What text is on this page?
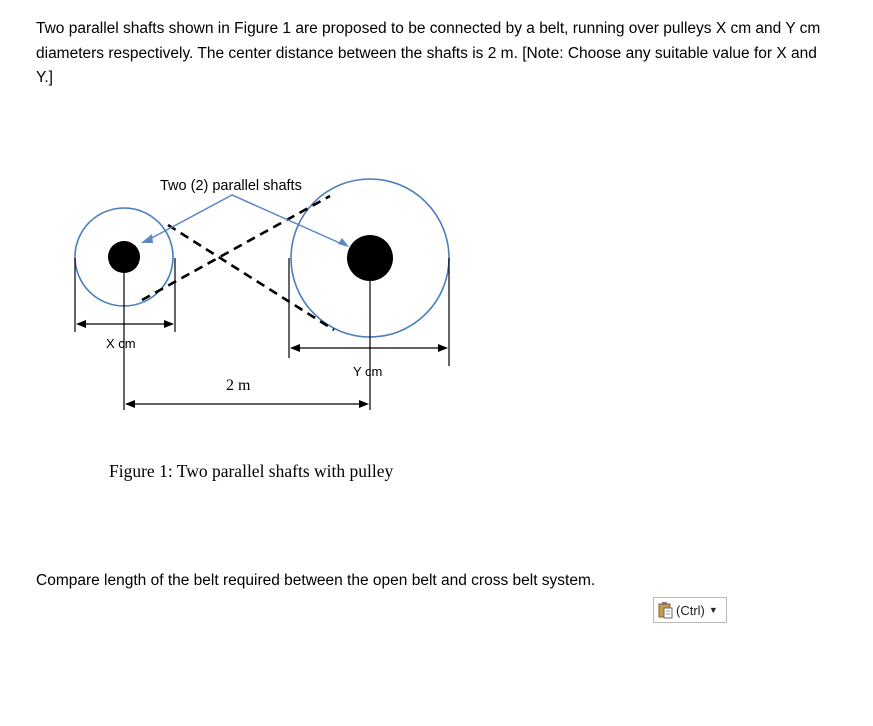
Two parallel shafts shown in Figure 1 are proposed to be connected by a belt, running over pulleys X cm and Y cm diameters respectively. The center distance between the shafts is 2 m. [Note: Choose any suitable value for X and Y.]

Two (2) parallel shafts
X cm
Y cm
2 m
Figure 1: Two parallel shafts with pulley

Compare length of the belt required between the open belt and cross belt system.

(Ctrl) ▼
